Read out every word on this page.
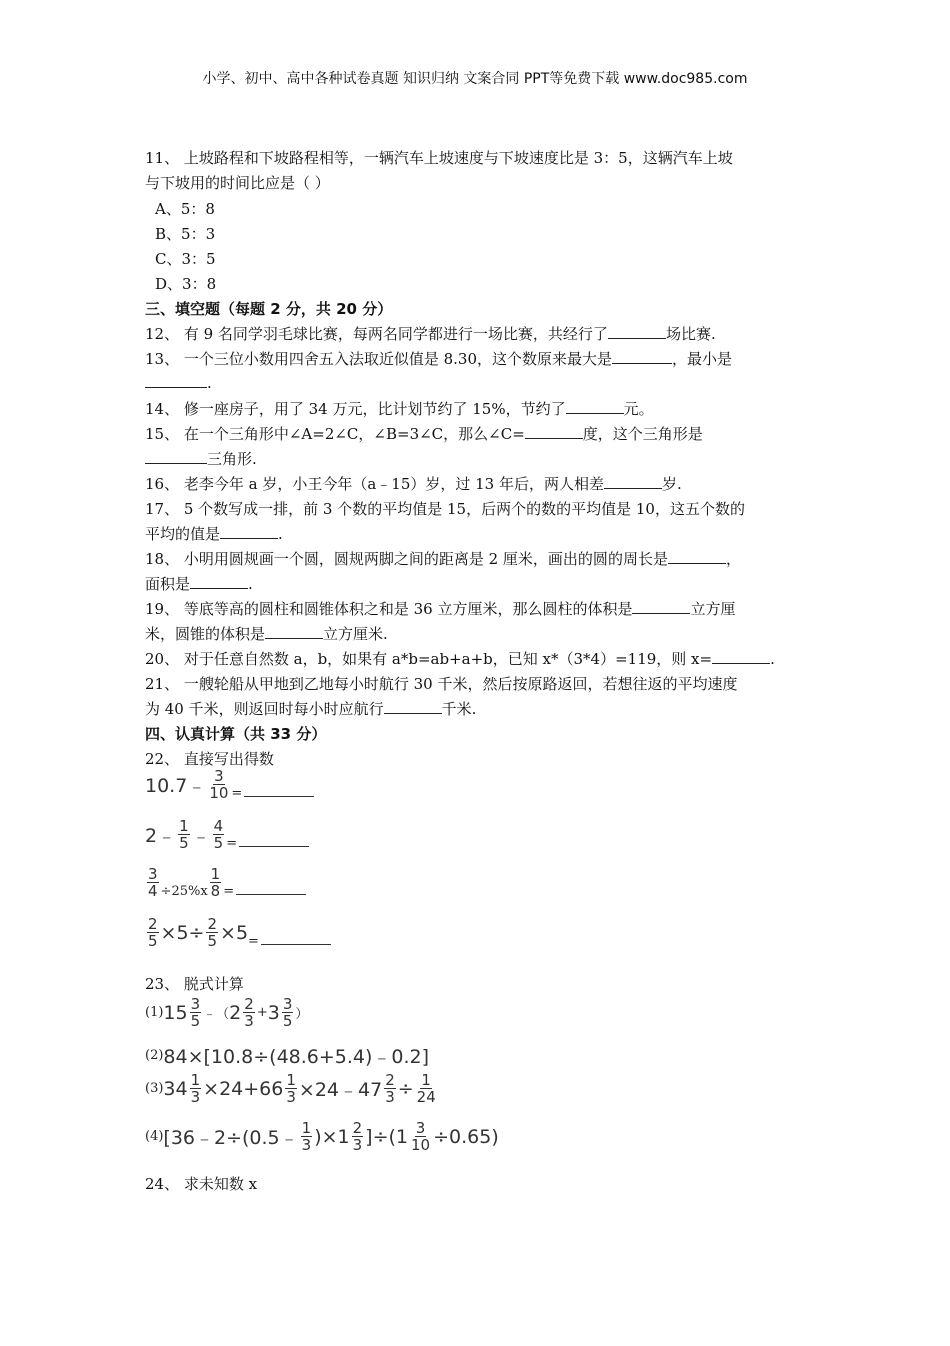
小学、初中、高中各种试卷真题 知识归纳 文案合同 PPT等免费下载 www.doc985.com
11、 上坡路程和下坡路程相等，一辆汽车上坡速度与下坡速度比是 3：5，这辆汽车上坡
与下坡用的时间比应是（ ）
A、5：8
B、5：3
C、3：5
D、3：8
三、填空题（每题 2 分，共 20 分）
12、 有 9 名同学羽毛球比赛，每两名同学都进行一场比赛，共经行了	场比赛.
13、 一个三位小数用四舍五入法取近似值是 8.30，这个数原来最大是	，最小是
.
14、 修一座房子，用了 34 万元，比计划节约了 15%，节约了	元。
15、 在一个三角形中∠A=2∠C，∠B=3∠C，那么∠C=	度，这个三角形是
三角形.
16、 老李今年 a 岁，小王今年（a﹣15）岁，过 13 年后，两人相差	岁.
17、 5 个数写成一排，前 3 个数的平均值是 15，后两个的数的平均值是 10，这五个数的
平均的值是	.
18、 小明用圆规画一个圆，圆规两脚之间的距离是 2 厘米，画出的圆的周长是	，
面积是	.
19、 等底等高的圆柱和圆锥体积之和是 36 立方厘米，那么圆柱的体积是	立方厘
米，圆锥的体积是	立方厘米.
20、 对于任意自然数 a，b，如果有 a*b=ab+a+b，已知 x*（3*4）=119，则 x=	.
21、 一艘轮船从甲地到乙地每小时航行 30 千米，然后按原路返回，若想往返的平均速度
为 40 千米，则返回时每小时应航行	千米.
四、认真计算（共 33 分）
22、 直接写出得数
10.7﹣ $\frac{3}{10}$ =
2﹣ $\frac{1}{5}$ ﹣ $\frac{4}{5}$ =
$\frac{3}{4} \div 25\%x \frac{1}{8}$ =
$\frac{2}{5} \times 5\div \frac{2}{5} \times 5$ =
23、 脱式计算
(1) $15 \frac{3}{5}$ ﹣（ $2 \frac{2}{3} + 3 \frac{3}{5}$ ）
(2) 84×[10.8÷(48.6+5.4)﹣0.2]
(3) $34 \frac{1}{3} \times 24+66 \frac{1}{3}$ ×24﹣47 $\frac{2}{3} \div \frac{1}{24}$
(4) [36﹣2÷(0.5﹣ $\frac{1}{3} )\times 1 \frac{2}{3} ]\div(1 \frac{3}{10} \div 0.65)$
24、 求未知数 x
